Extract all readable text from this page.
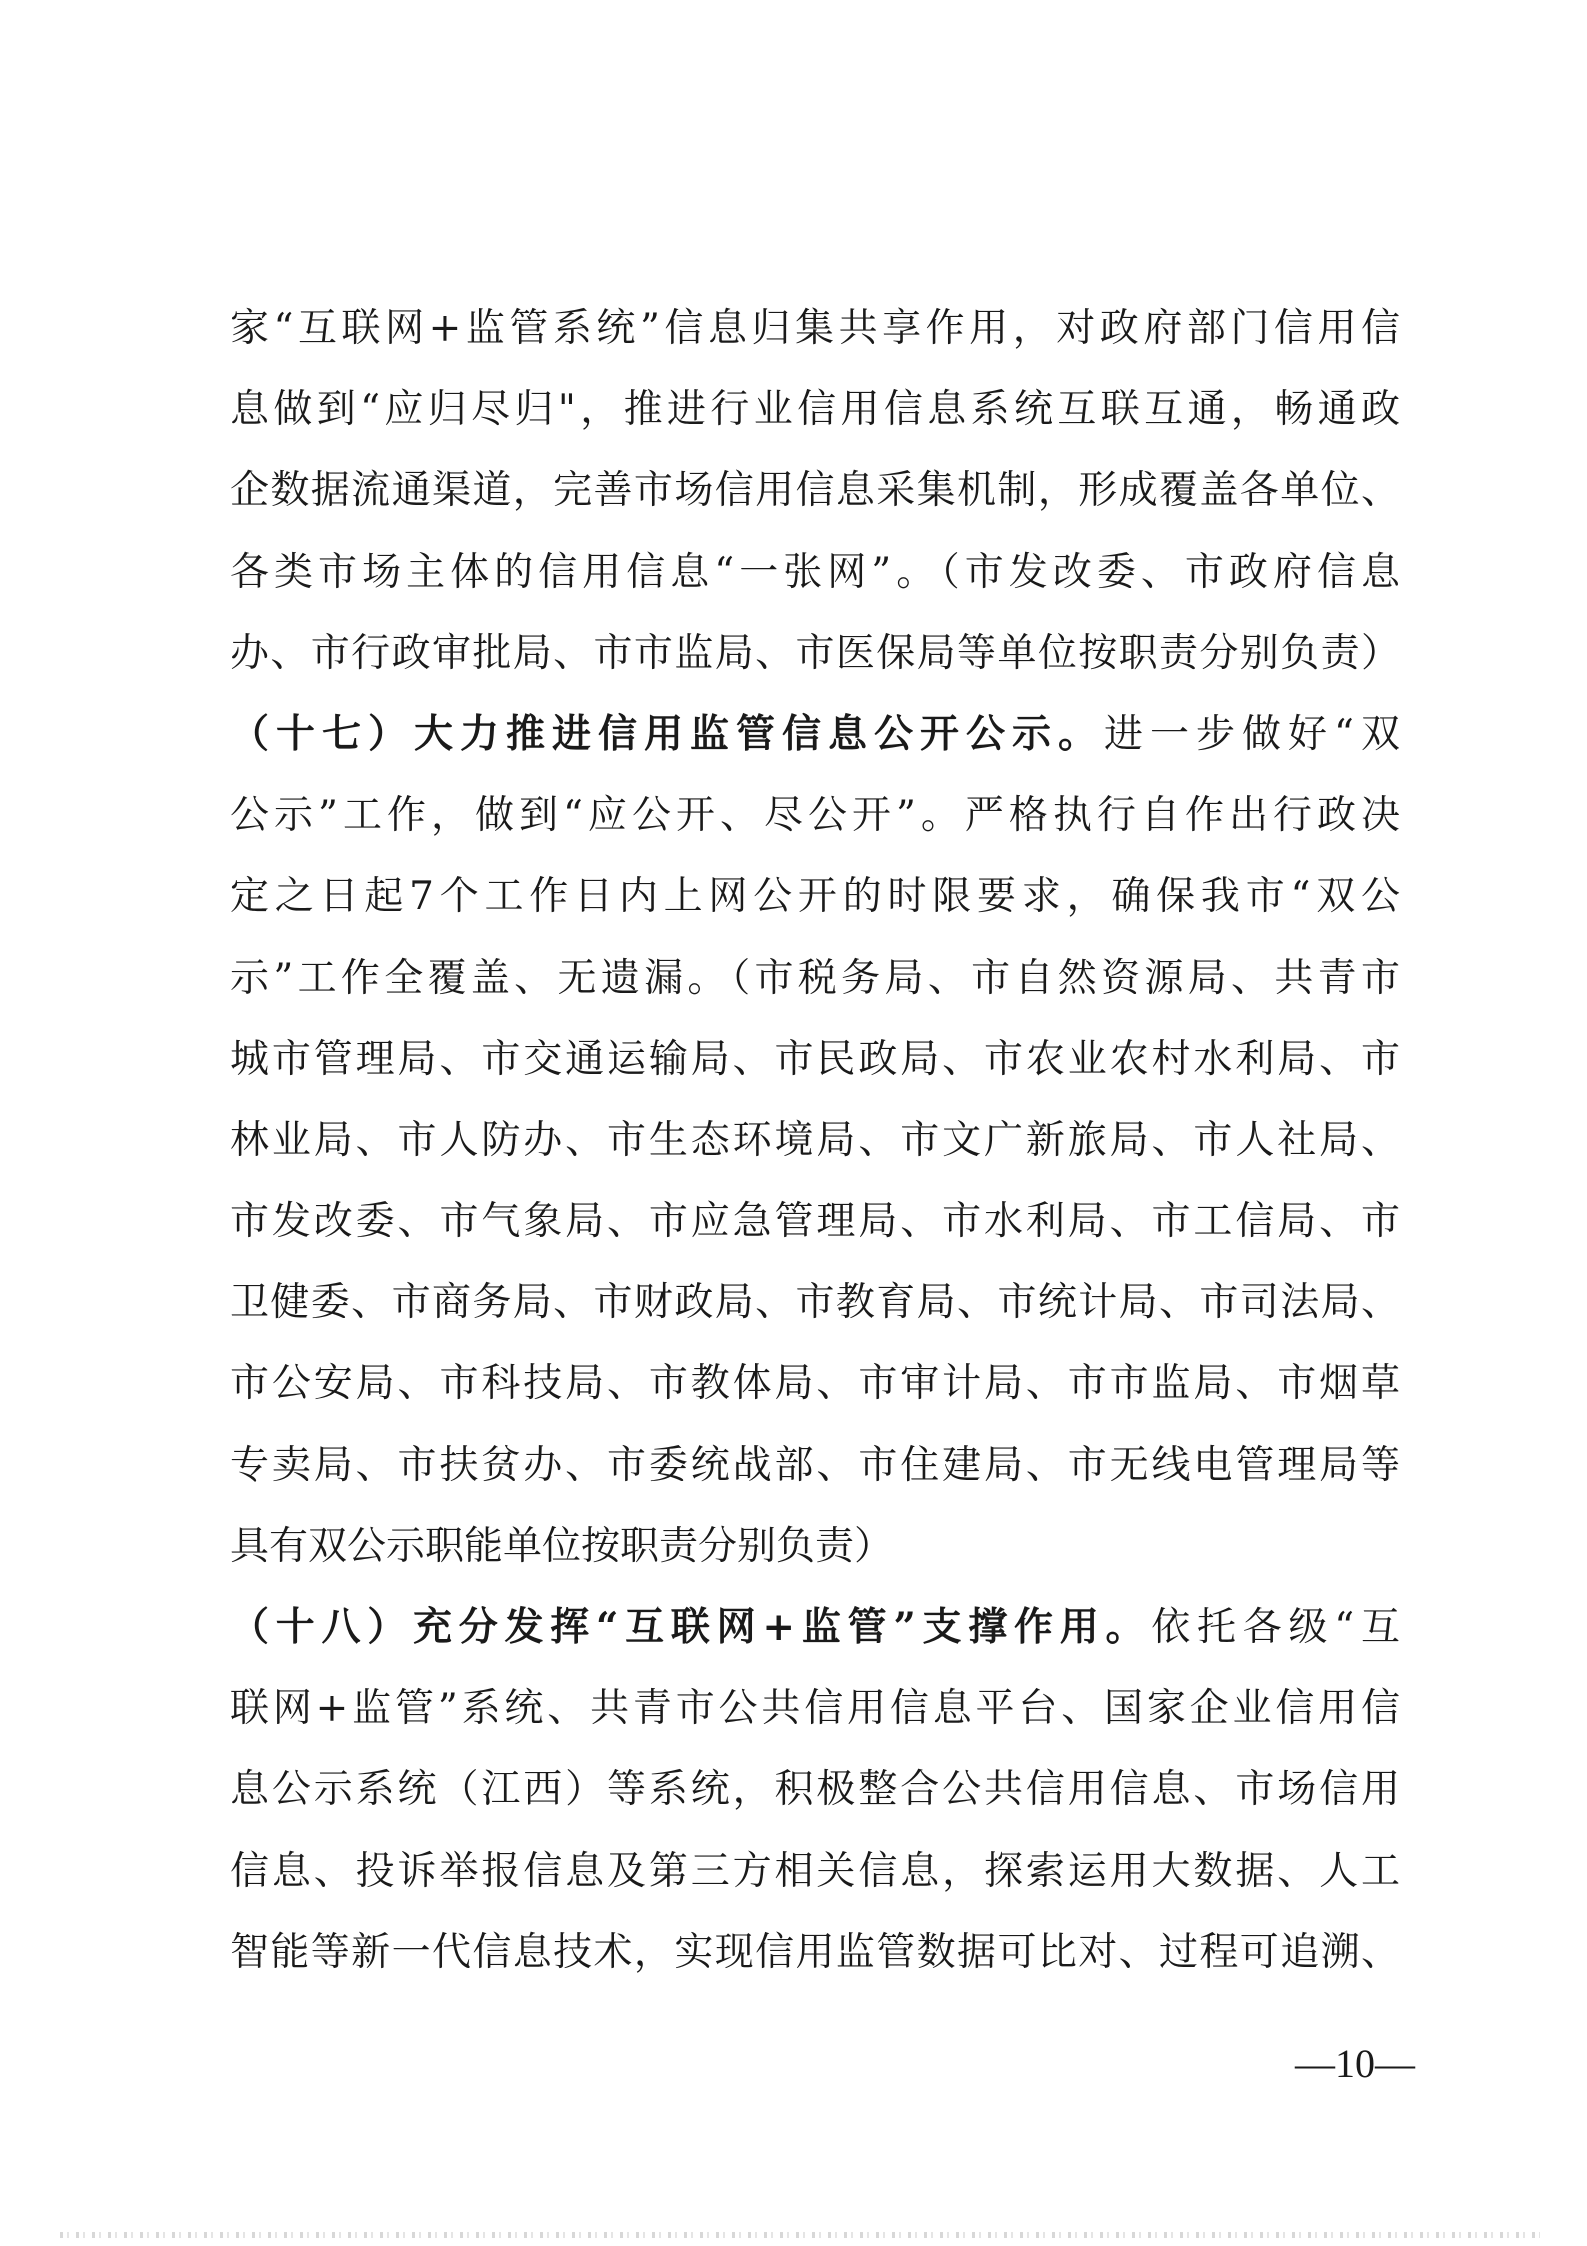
家“互联网+监管系统”信息归集共享作用，对政府部门信用信
息做到“应归尽归"，推进行业信用信息系统互联互通，畅通政
企数据流通渠道，完善市场信用信息采集机制，形成覆盖各单位、
各类市场主体的信用信息“一张网”。（市发改委、市政府信息
办、市行政审批局、市市监局、市医保局等单位按职责分别负责）
（十七）大力推进信用监管信息公开公示。进一步做好“双
公示”工作，做到“应公开、尽公开”。严格执行自作出行政决
定之日起7个工作日内上网公开的时限要求，确保我市“双公
示”工作全覆盖、无遗漏。（市税务局、市自然资源局、共青市
城市管理局、市交通运输局、市民政局、市农业农村水利局、市
林业局、市人防办、市生态环境局、市文广新旅局、市人社局、
市发改委、市气象局、市应急管理局、市水利局、市工信局、市
卫健委、市商务局、市财政局、市教育局、市统计局、市司法局、
市公安局、市科技局、市教体局、市审计局、市市监局、市烟草
专卖局、市扶贫办、市委统战部、市住建局、市无线电管理局等
具有双公示职能单位按职责分别负责）
（十八）充分发挥“互联网+监管”支撑作用。依托各级“互
联网+监管”系统、共青市公共信用信息平台、国家企业信用信
息公示系统（江西）等系统，积极整合公共信用信息、市场信用
信息、投诉举报信息及第三方相关信息，探索运用大数据、人工
智能等新一代信息技术，实现信用监管数据可比对、过程可追溯、
—10—
